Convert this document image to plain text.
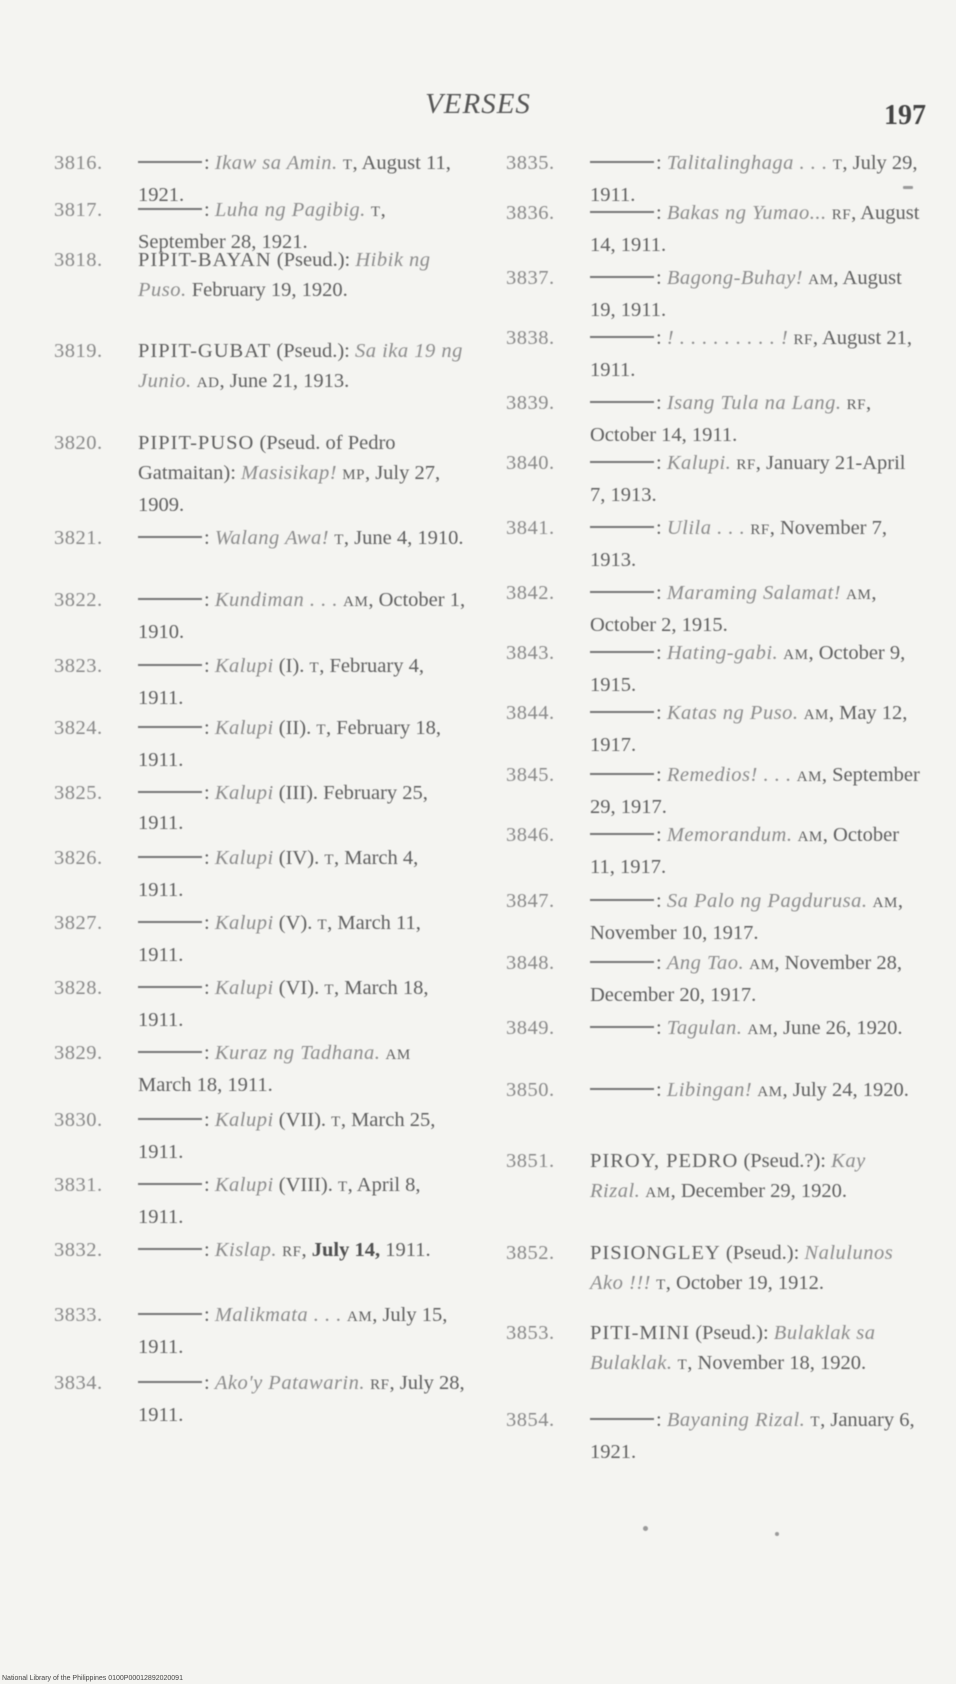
VERSES	197
3816.	: Ikaw sa Amin. T, August 11, 1921.
3817.	: Luha ng Pagibig. T, September 28, 1921.
3818. PIPIT-BAYAN (Pseud.): Hibik ng Puso. February 19, 1920.
3819. PIPIT-GUBAT (Pseud.): Sa ika 19 ng Junio. AD, June 21, 1913.
3820. PIPIT-PUSO (Pseud. of Pedro Gatmaitan): Masisikap! MP, July 27, 1909.
3821.	: Walang Awa! T, June 4, 1910.
3822.	: Kundiman . . . AM, October 1, 1910.
3823.	: Kalupi (I). T, February 4, 1911.
3824.	: Kalupi (II). T, February 18, 1911.
3825.	: Kalupi (III). February 25, 1911.
3826.	: Kalupi (IV). T, March 4, 1911.
3827.	: Kalupi (V). T, March 11, 1911.
3828.	: Kalupi (VI). T, March 18, 1911.
3829.	: Kuraz ng Tadhana. AM March 18, 1911.
3830.	: Kalupi (VII). T, March 25, 1911.
3831.	: Kalupi (VIII). T, April 8, 1911.
3832.	: Kislap. RF, July 14, 1911.
3833.	: Malikmata . . . AM, July 15, 1911.
3834.	: Ako'y Patawarin. RF, July 28, 1911.
3835.	: Talitalinghaga . . . T, July 29, 1911.
3836.	: Bakas ng Yumao... RF, August 14, 1911.
3837.	: Bagong-Buhay! AM, August 19, 1911.
3838.	: ! . . . . . . . . . ! RF, August 21, 1911.
3839.	: Isang Tula na Lang. RF, October 14, 1911.
3840.	: Kalupi. RF, January 21-April 7, 1913.
3841.	: Ulila . . . RF, November 7, 1913.
3842.	: Maraming Salamat! AM, October 2, 1915.
3843.	: Hating-gabi. AM, October 9, 1915.
3844.	: Katas ng Puso. AM, May 12, 1917.
3845.	: Remedios! . . . AM, September 29, 1917.
3846.	: Memorandum. AM, October 11, 1917.
3847.	: Sa Palo ng Pagdurusa. AM, November 10, 1917.
3848.	: Ang Tao. AM, November 28, December 20, 1917.
3849.	: Tagulan. AM, June 26, 1920.
3850.	: Libingan! AM, July 24, 1920.
3851. PIROY, PEDRO (Pseud.?): Kay Rizal. AM, December 29, 1920.
3852. PISIONGLEY (Pseud.): Nalulunos Ako !!! T, October 19, 1912.
3853. PITI-MINI (Pseud.): Bulaklak sa Bulaklak. T, November 18, 1920.
3854.	: Bayaning Rizal. T, January 6, 1921.
National Library of the Philippines 0100P00012892020091
